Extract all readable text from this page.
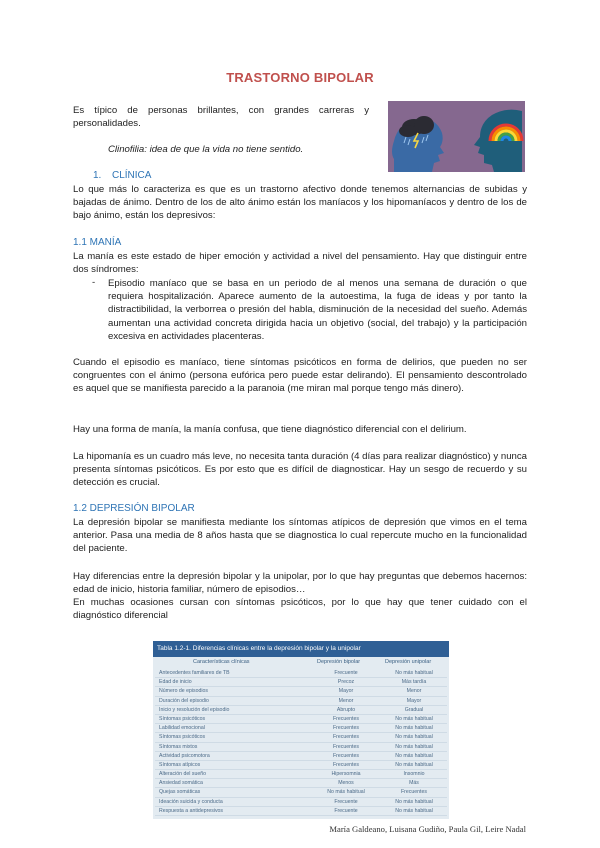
TRASTORNO BIPOLAR
Es típico de personas brillantes, con grandes carreras y personalidades.
Clinofilia: idea de que la vida no tiene sentido.
1. CLÍNICA
Lo que más lo caracteriza es que es un trastorno afectivo donde tenemos alternancias de subidas y bajadas de ánimo. Dentro de los de alto ánimo están los maníacos y los hipomaníacos y dentro de los de bajo ánimo, están los depresivos:
1.1 MANÍA
La manía es este estado de hiper emoción y actividad a nivel del pensamiento. Hay que distinguir entre dos síndromes:
- Episodio maníaco que se basa en un periodo de al menos una semana de duración o que requiera hospitalización. Aparece aumento de la autoestima, la fuga de ideas y por tanto la distractibilidad, la verborrea o presión del habla, disminución de la necesidad del sueño. Además aumentan una actividad concreta dirigida hacia un objetivo (social, del trabajo) y la participación excesiva en actividades placenteras.
Cuando el episodio es maníaco, tiene síntomas psicóticos en forma de delirios, que pueden no ser congruentes con el ánimo (persona eufórica pero puede estar delirando). El pensamiento descontrolado es aquel que se manifiesta parecido a la paranoia (me miran mal porque tengo más dinero).
Hay una forma de manía, la manía confusa, que tiene diagnóstico diferencial con el delirium.
La hipomanía es un cuadro más leve, no necesita tanta duración (4 días para realizar diagnóstico) y nunca presenta síntomas psicóticos. Es por esto que es difícil de diagnosticar. Hay un sesgo de recuerdo y su detección es crucial.
1.2 DEPRESIÓN BIPOLAR
La depresión bipolar se manifiesta mediante los síntomas atípicos de depresión que vimos en el tema anterior. Pasa una media de 8 años hasta que se diagnostica lo cual repercute mucho en la funcionalidad del paciente.
Hay diferencias entre la depresión bipolar y la unipolar, por lo que hay preguntas que debemos hacernos: edad de inicio, historia familiar, número de episodios…
En muchas ocasiones cursan con síntomas psicóticos, por lo que hay que tener cuidado con el diagnóstico diferencial
Tabla 1.2-1. Diferencias clínicas entre la depresión bipolar y la unipolar
Características clínicas	Depresión bipolar	Depresión unipolar
Antecedentes familiares de TB	Frecuente	No más habitual
Edad de inicio	Precoz	Más tardía
Número de episodios	Mayor	Menor
Duración del episodio	Menor	Mayor
Inicio y resolución del episodio	Abrupto	Gradual
Síntomas psicóticos	Frecuentes	No más habitual
Labilidad emocional	Frecuentes	No más habitual
Síntomas psicóticos	Frecuentes	No más habitual
Síntomas mixtos	Frecuentes	No más habitual
Actividad psicomotora	Frecuentes	No más habitual
Síntomas atípicos	Frecuentes	No más habitual
Alteración del sueño	Hipersomnia	Insomnio
Ansiedad somática	Menos	Más
Quejas somáticas	No más habitual	Frecuentes
Ideación suicida y conducta	Frecuente	No más habitual
Respuesta a antidepresivos	Frecuente	No más habitual
María Galdeano, Luisana Gudiño, Paula Gil, Leire Nadal
